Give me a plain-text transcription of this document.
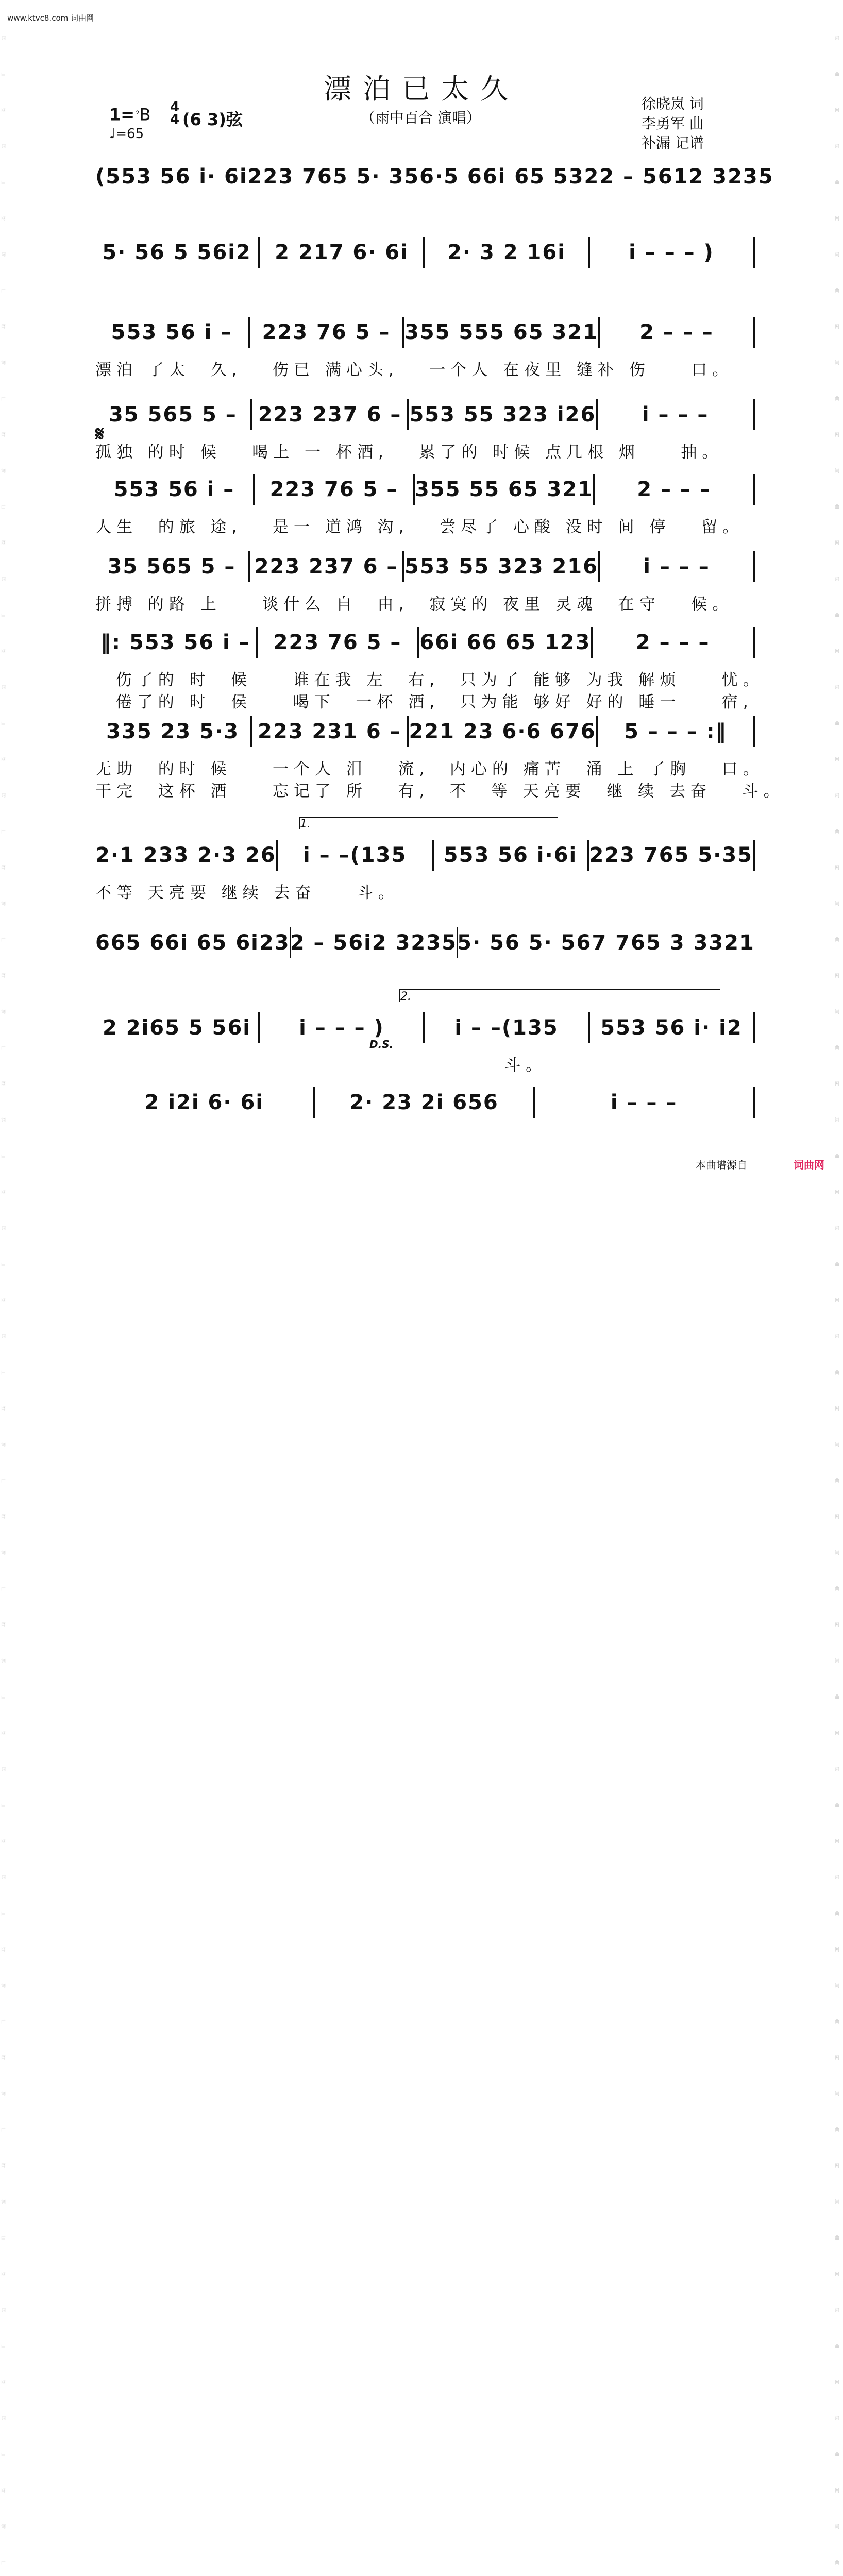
www.ktvc8.com 词曲网
词曲网词曲网词曲网词曲网词曲网词曲网词曲网词曲网词曲网词曲网词曲网词曲网词曲网词曲网词曲网词曲网词曲网词曲网词曲网词曲网词曲网词曲网词曲网词曲
词曲网词曲网词曲网词曲网词曲网词曲网词曲网词曲网词曲网词曲网词曲网词曲网词曲网词曲网词曲网词曲网词曲网词曲网词曲网词曲网词曲网词曲网词曲网词曲
漂泊已太久
（雨中百合 演唱）
徐晓岚 词
李勇军 曲
补漏 记谱
1=♭B 4
4 (6 3)弦
♩=65
𝄋
(553 56 i· 6i 223 765 5· 35 6·5 66i 65 532 2 – 5612 3235
5· 56 5 56i2	2 217 6· 6i	2· 3 2 16i	i – – – )
553 56 i –	223 76 5 – 355 555 65 321	2 – – –
漂泊 了太  久,   伤已 满心头,   一个人 在夜里 缝补 伤    口。
35 565 5 –	223 237 6 – 553 55 323 i26	i – – –
孤独 的时 候   喝上 一 杯酒,   累了的 时候 点几根 烟    抽。
553 56 i –	223 76 5 – 355 55 65 321	2 – – –
人生  的旅 途,   是一 道鸿 沟,   尝尽了 心酸 没时 间 停   留。
35 565 5 – 223 237 6 – 553 55 323 216	i – – –
拼搏 的路 上    谈什么 自  由,  寂寞的 夜里 灵魂  在守   候。
‖: 553 56 i –	223 76 5 – 66i 66 65 123	2 – – –
伤了的 时  候    谁在我 左  右,  只为了 能够 为我 解烦    忧。
倦了的 时  侯    喝下  一杯 酒,  只为能 够好 好的 睡一    宿,
335 23 5·3 223 231 6 – 221 23 6·6 676	5 – – – :‖
无助  的时 候    一个人 泪   流,  内心的 痛苦  涌 上 了胸   口。
干完  这杯 酒    忘记了 所   有,  不  等 天亮要  继 续 去奋   斗。
2·1 233 2·3 26	i – –(135	553 56 i·6i 223 765 5·35
1.
不等 天亮要 继续 去奋    斗。
665 66i 65 6i23 2 – 56i2 3235 5· 56 5· 56 7 765 3 3321
2 2i65 5 56i	i – – – )	i – –(135	553 56 i· i2
2.
D.S.
斗。
2 i2i 6· 6i	2· 23 2i 656	i – – –
本曲谱源自	词曲网
